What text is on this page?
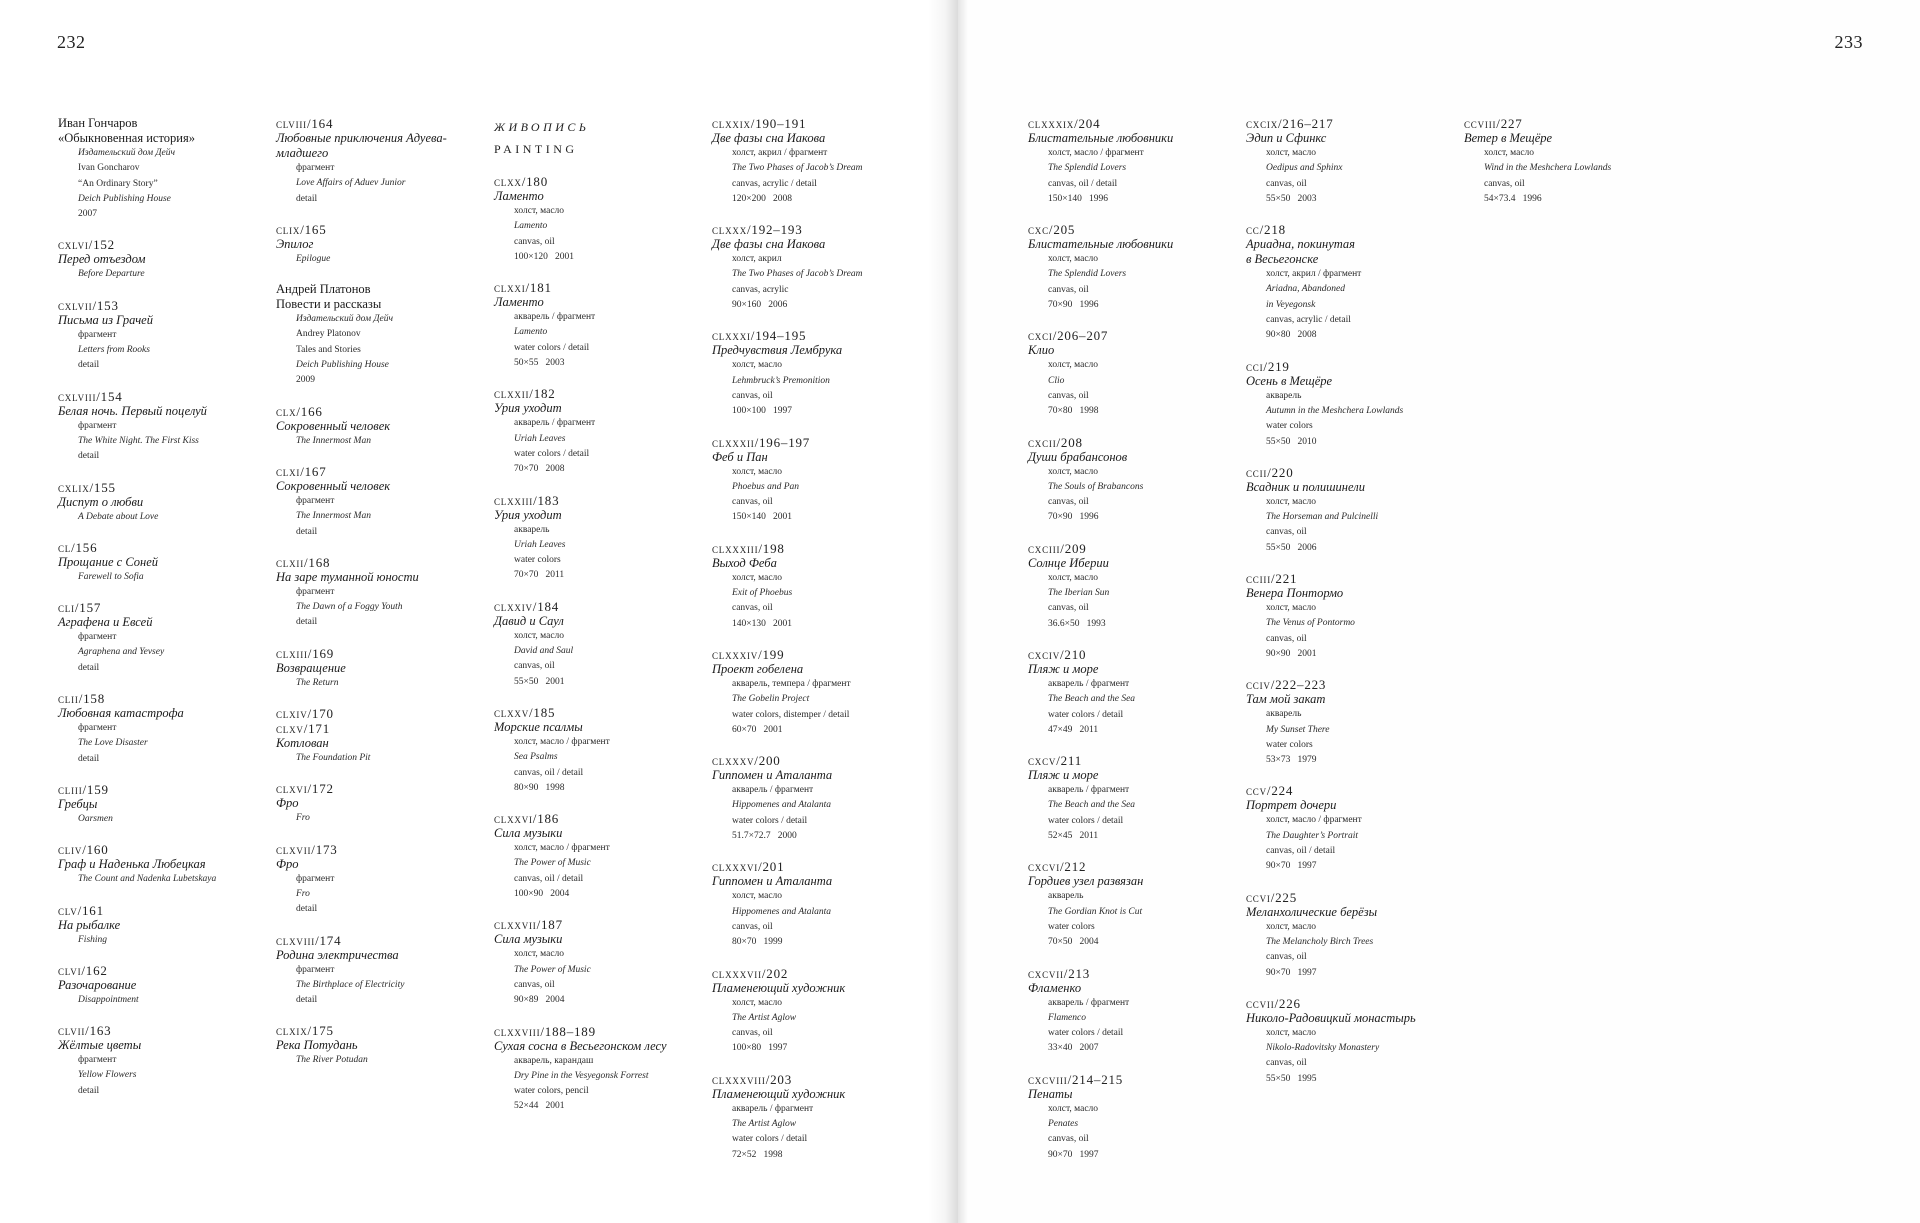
232
Иван Гончаров
«Обыкновенная история»
Издательский дом Дейч
Ivan Goncharov
“An Ordinary Story”
Deich Publishing House
2007
cxlvi/152
Перед отъездом
Before Departure
cxlvii/153
Письма из Грачей
фрагмент
Letters from Rooks
detail
cxlviii/154
Белая ночь. Первый поцелуй
фрагмент
The White Night. The First Kiss
detail
cxlix/155
Диспут о любви
A Debate about Love
cl/156
Прощание с Соней
Farewell to Sofia
cli/157
Аграфена и Евсей
фрагмент
Agraphena and Yevsey
detail
clii/158
Любовная катастрофа
фрагмент
The Love Disaster
detail
cliii/159
Гребцы
Oarsmen
cliv/160
Граф и Наденька Любецкая
The Count and Nadenka Lubetskaya
clv/161
На рыбалке
Fishing
clvi/162
Разочарование
Disappointment
clvii/163
Жёлтые цветы
фрагмент
Yellow Flowers
detail
clviii/164
Любовные приключения Адуева-младшего
фрагмент
Love Affairs of Aduev Junior
detail
clix/165
Эпилог
Epilogue
Андрей Платонов
Повести и рассказы
Издательский дом Дейч
Andrey Platonov
Tales and Stories
Deich Publishing House
2009
clx/166
Сокровенный человек
The Innermost Man
clxi/167
Сокровенный человек
фрагмент
The Innermost Man
detail
clxii/168
На заре туманной юности
фрагмент
The Dawn of a Foggy Youth
detail
clxiii/169
Возвращение
The Return
clxiv/170
clxv/171
Котлован
The Foundation Pit
clxvi/172
Фро
Fro
clxvii/173
Фро
фрагмент
Fro
detail
clxviii/174
Родина электричества
фрагмент
The Birthplace of Electricity
detail
clxix/175
Река Потудань
The River Potudan
ЖИВОПИСЬ
PAINTING
clxx/180
Ламенто
холст, масло
Lamento
canvas, oil
100×120   2001
clxxi/181
Ламенто
акварель / фрагмент
Lamento
water colors / detail
50×55   2003
clxxii/182
Урия уходит
акварель / фрагмент
Uriah Leaves
water colors / detail
70×70   2008
clxxiii/183
Урия уходит
акварель
Uriah Leaves
water colors
70×70   2011
clxxiv/184
Давид и Саул
холст, масло
David and Saul
canvas, oil
55×50   2001
clxxv/185
Морские псалмы
холст, масло / фрагмент
Sea Psalms
canvas, oil / detail
80×90   1998
clxxvi/186
Сила музыки
холст, масло / фрагмент
The Power of Music
canvas, oil / detail
100×90   2004
clxxvii/187
Сила музыки
холст, масло
The Power of Music
canvas, oil
90×89   2004
clxxviii/188–189
Сухая сосна в Весьегонском лесу
акварель, карандаш
Dry Pine in the Vesyegonsk Forrest
water colors, pencil
52×44   2001
clxxix/190–191
Две фазы сна Иакова
холст, акрил / фрагмент
The Two Phases of Jacob’s Dream
canvas, acrylic / detail
120×200   2008
clxxx/192–193
Две фазы сна Иакова
холст, акрил
The Two Phases of Jacob’s Dream
canvas, acrylic
90×160   2006
clxxxi/194–195
Предчувствия Лембрука
холст, масло
Lehmbruck’s Premonition
canvas, oil
100×100   1997
clxxxii/196–197
Феб и Пан
холст, масло
Phoebus and Pan
canvas, oil
150×140   2001
clxxxiii/198
Выход Феба
холст, масло
Exit of Phoebus
canvas, oil
140×130   2001
clxxxiv/199
Проект гобелена
акварель, темпера / фрагмент
The Gobelin Project
water colors, distemper / detail
60×70   2001
clxxxv/200
Гиппомен и Аталанта
акварель / фрагмент
Hippomenes and Atalanta
water colors / detail
51.7×72.7   2000
clxxxvi/201
Гиппомен и Аталанта
холст, масло
Hippomenes and Atalanta
canvas, oil
80×70   1999
clxxxvii/202
Пламенеющий художник
холст, масло
The Artist Aglow
canvas, oil
100×80   1997
clxxxviii/203
Пламенеющий художник
акварель / фрагмент
The Artist Aglow
water colors / detail
72×52   1998
233
clxxxix/204
Блистательные любовники
холст, масло / фрагмент
The Splendid Lovers
canvas, oil / detail
150×140   1996
cxc/205
Блистательные любовники
холст, масло
The Splendid Lovers
canvas, oil
70×90   1996
cxci/206–207
Клио
холст, масло
Clio
canvas, oil
70×80   1998
cxcii/208
Души брабансонов
холст, масло
The Souls of Brabancons
canvas, oil
70×90   1996
cxciii/209
Солнце Иберии
холст, масло
The Iberian Sun
canvas, oil
36.6×50   1993
cxciv/210
Пляж и море
акварель / фрагмент
The Beach and the Sea
water colors / detail
47×49   2011
cxcv/211
Пляж и море
акварель / фрагмент
The Beach and the Sea
water colors / detail
52×45   2011
cxcvi/212
Гордиев узел развязан
акварель
The Gordian Knot is Cut
water colors
70×50   2004
cxcvii/213
Фламенко
акварель / фрагмент
Flamenco
water colors / detail
33×40   2007
cxcviii/214–215
Пенаты
холст, масло
Penates
canvas, oil
90×70   1997
cxcix/216–217
Эдип и Сфинкс
холст, масло
Oedipus and Sphinx
canvas, oil
55×50   2003
cc/218
Ариадна, покинутая
в Весьегонске
холст, акрил / фрагмент
Ariadna, Abandoned
in Veyegonsk
canvas, acrylic / detail
90×80   2008
cci/219
Осень в Мещёре
акварель
Autumn in the Meshchera Lowlands
water colors
55×50   2010
ccii/220
Всадник и полишинели
холст, масло
The Horseman and Pulcinelli
canvas, oil
55×50   2006
cciii/221
Венера Понтормо
холст, масло
The Venus of Pontormo
canvas, oil
90×90   2001
cciv/222–223
Там мой закат
акварель
My Sunset There
water colors
53×73   1979
ccv/224
Портрет дочери
холст, масло / фрагмент
The Daughter’s Portrait
canvas, oil / detail
90×70   1997
ccvi/225
Меланхолические берёзы
холст, масло
The Melancholy Birch Trees
canvas, oil
90×70   1997
ccvii/226
Николо-Радовицкий монастырь
холст, масло
Nikolo-Radovitsky Monastery
canvas, oil
55×50   1995
ccviii/227
Ветер в Мещёре
холст, масло
Wind in the Meshchera Lowlands
canvas, oil
54×73.4   1996
